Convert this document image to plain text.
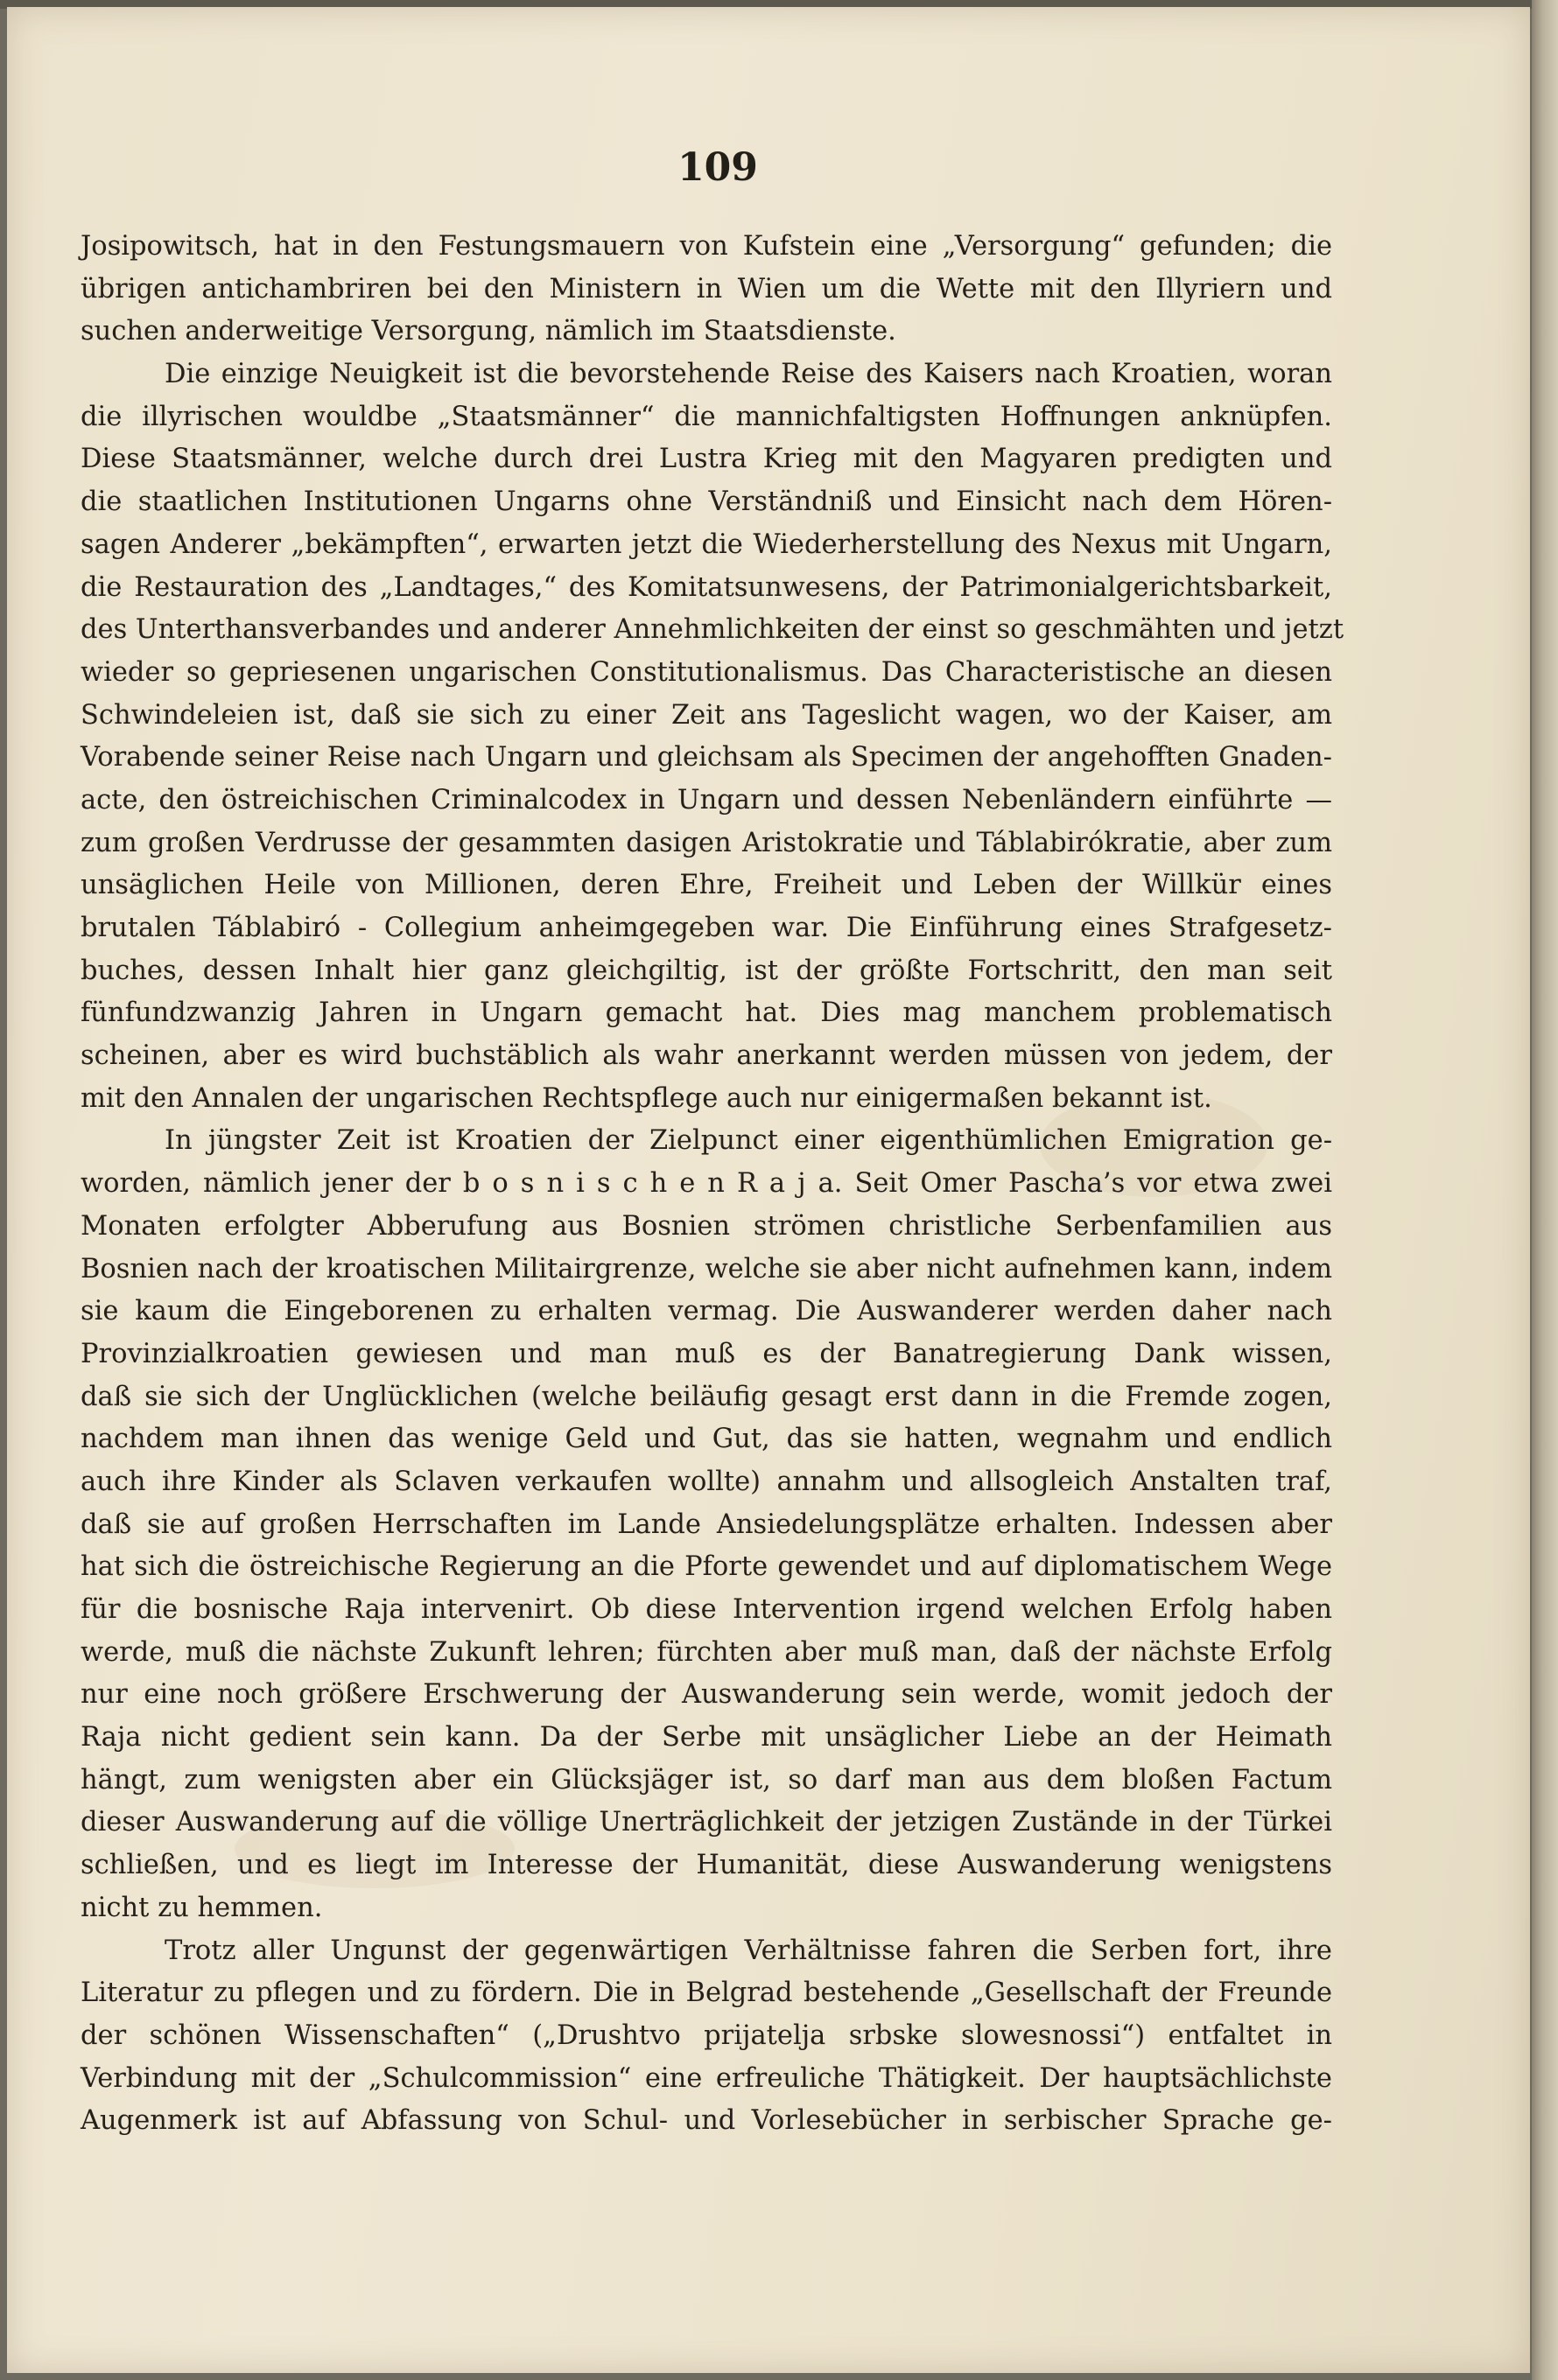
109
Josipowitsch, hat in den Festungsmauern von Kufstein eine „Versorgung“ gefunden; die
übrigen antichambriren bei den Ministern in Wien um die Wette mit den Illyriern und
suchen anderweitige Versorgung, nämlich im Staatsdienste.
Die einzige Neuigkeit ist die bevorstehende Reise des Kaisers nach Kroatien, woran
die illyrischen wouldbe „Staatsmänner“ die mannichfaltigsten Hoffnungen anknüpfen.
Diese Staatsmänner, welche durch drei Lustra Krieg mit den Magyaren predigten und
die staatlichen Institutionen Ungarns ohne Verständniß und Einsicht nach dem Hören-
sagen Anderer „bekämpften“, erwarten jetzt die Wiederherstellung des Nexus mit Ungarn,
die Restauration des „Landtages,“ des Komitatsunwesens, der Patrimonialgerichtsbarkeit,
des Unterthansverbandes und anderer Annehmlichkeiten der einst so geschmähten und jetzt
wieder so gepriesenen ungarischen Constitutionalismus. Das Characteristische an diesen
Schwindeleien ist, daß sie sich zu einer Zeit ans Tageslicht wagen, wo der Kaiser, am
Vorabende seiner Reise nach Ungarn und gleichsam als Specimen der angehofften Gnaden-
acte, den östreichischen Criminalcodex in Ungarn und dessen Nebenländern einführte —
zum großen Verdrusse der gesammten dasigen Aristokratie und Táblabirókratie, aber zum
unsäglichen Heile von Millionen, deren Ehre, Freiheit und Leben der Willkür eines
brutalen Táblabiró - Collegium anheimgegeben war. Die Einführung eines Strafgesetz-
buches, dessen Inhalt hier ganz gleichgiltig, ist der größte Fortschritt, den man seit
fünfundzwanzig Jahren in Ungarn gemacht hat. Dies mag manchem problematisch
scheinen, aber es wird buchstäblich als wahr anerkannt werden müssen von jedem, der
mit den Annalen der ungarischen Rechtspflege auch nur einigermaßen bekannt ist.
In jüngster Zeit ist Kroatien der Zielpunct einer eigenthümlichen Emigration ge-
worden, nämlich jener der b o s n i s c h e n R a j a. Seit Omer Pascha’s vor etwa zwei
Monaten erfolgter Abberufung aus Bosnien strömen christliche Serbenfamilien aus
Bosnien nach der kroatischen Militairgrenze, welche sie aber nicht aufnehmen kann, indem
sie kaum die Eingeborenen zu erhalten vermag. Die Auswanderer werden daher nach
Provinzialkroatien gewiesen und man muß es der Banatregierung Dank wissen,
daß sie sich der Unglücklichen (welche beiläufig gesagt erst dann in die Fremde zogen,
nachdem man ihnen das wenige Geld und Gut, das sie hatten, wegnahm und endlich
auch ihre Kinder als Sclaven verkaufen wollte) annahm und allsogleich Anstalten traf,
daß sie auf großen Herrschaften im Lande Ansiedelungsplätze erhalten. Indessen aber
hat sich die östreichische Regierung an die Pforte gewendet und auf diplomatischem Wege
für die bosnische Raja intervenirt. Ob diese Intervention irgend welchen Erfolg haben
werde, muß die nächste Zukunft lehren; fürchten aber muß man, daß der nächste Erfolg
nur eine noch größere Erschwerung der Auswanderung sein werde, womit jedoch der
Raja nicht gedient sein kann. Da der Serbe mit unsäglicher Liebe an der Heimath
hängt, zum wenigsten aber ein Glücksjäger ist, so darf man aus dem bloßen Factum
dieser Auswanderung auf die völlige Unerträglichkeit der jetzigen Zustände in der Türkei
schließen, und es liegt im Interesse der Humanität, diese Auswanderung wenigstens
nicht zu hemmen.
Trotz aller Ungunst der gegenwärtigen Verhältnisse fahren die Serben fort, ihre
Literatur zu pflegen und zu fördern. Die in Belgrad bestehende „Gesellschaft der Freunde
der schönen Wissenschaften“ („Drushtvo prijatelja srbske slowesnossi“) entfaltet in
Verbindung mit der „Schulcommission“ eine erfreuliche Thätigkeit. Der hauptsächlichste
Augenmerk ist auf Abfassung von Schul- und Vorlesebücher in serbischer Sprache ge-
